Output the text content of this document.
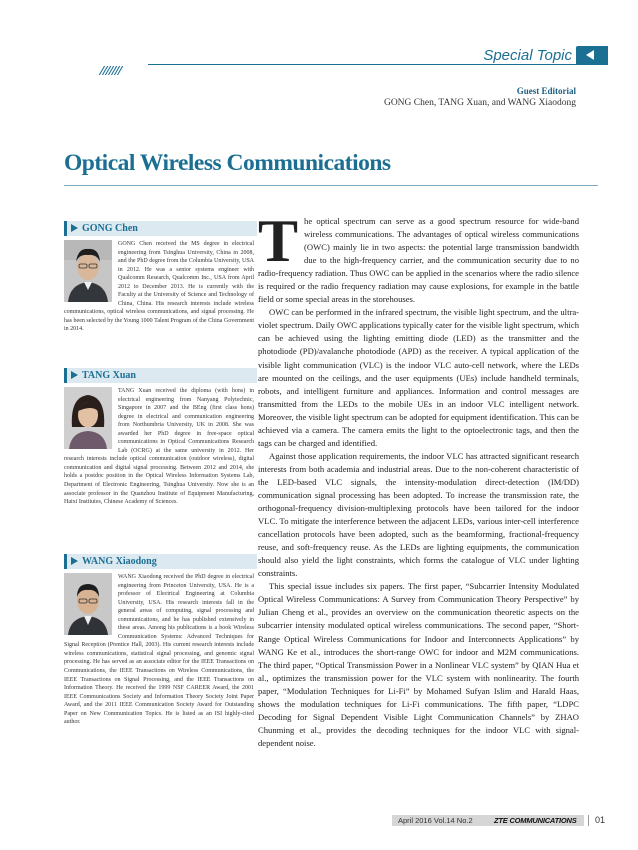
///////
Special Topic
Guest Editorial
GONG Chen, TANG Xuan, and WANG Xiaodong
Optical Wireless Communications
GONG Chen

GONG Chen received the MS degree in electrical engineering from Tsinghua University, China in 2008, and the PhD degree from the Columbia University, USA in 2012. He was a senior systems engineer with Qualcomm Research, Qualcomm Inc., USA from April 2012 to December 2013. He is currently with the Faculty at the University of Science and Technology of China, China. His research interests include wireless communications, optical wireless communications, and signal processing. He has been selected by the Young 1000 Talent Program of the China Government in 2014.

TANG Xuan

TANG Xuan received the diploma (with hons) in electrical engineering from Nanyang Polytechnic, Singapore in 2007 and the BEng (first class hons) degree in electrical and communication engineering from Northumbria University, UK in 2008. She was awarded her PhD degree in free-space optical communications in Optical Communications Research Lab (OCRG) at the same university in 2012. Her research interests include optical communication (outdoor wireless), digital communication and digital signal processing. Between 2012 and 2014, she holds a postdoc position in the Optical Wireless Information Systems Lab, Department of Electronic Engineering, Tsinghua University. Now she is an associate professor in the Quanzhou Institute of Equipment Manufacturing, Haixi Institutes, Chinese Academy of Sciences.

WANG Xiaodong

WANG Xiaodong received the PhD degree in electrical engineering from Princeton University, USA. He is a professor of Electrical Engineering at Columbia University, USA. His research interests fall in the general areas of computing, signal processing and communications, and he has published extensively in these areas. Among his publications is a book Wireless Communication Systems: Advanced Techniques for Signal Reception (Prentice Hall, 2003). His current research interests include wireless communications, statistical signal processing, and genomic signal processing. He has served as an associate editor for the IEEE Transactions on Communications, the IEEE Transactions on Wireless Communications, the IEEE Transactions on Signal Processing, and the IEEE Transactions on Information Theory. He received the 1999 NSF CAREER Award, the 2001 IEEE Communications Society and Information Theory Society Joint Paper Award, and the 2011 IEEE Communication Society Award for Outstanding Paper on New Communication Topics. He is listed as an ISI highly-cited author.

The optical spectrum can serve as a good spectrum resource for wide-band wireless communications. The advantages of optical wireless communications (OWC) mainly lie in two aspects: the potential large transmission bandwidth due to the high-frequency carrier, and the communication security due to no radio-frequency radiation. Thus OWC can be applied in the scenarios where the radio silence is required or the radio frequency radiation may cause explosions, for example in the battle field or some special areas in the storehouses.

OWC can be performed in the infrared spectrum, the visible light spectrum, and the ultra-violet spectrum. Daily OWC applications typically cater for the visible light spectrum, which can be achieved using the lighting emitting diode (LED) as the transmitter and the photodiode (PD)/avalanche photodiode (APD) as the receiver. A typical application of the visible light communication (VLC) is the indoor VLC auto-cell network, where the LEDs are mounted on the ceilings, and the user equipments (UEs) include handheld terminals, robots, and intelligent furniture and appliances. Information and control messages are transmitted from the LEDs to the mobile UEs in an indoor VLC intelligent network. Moreover, the visible light spectrum can be adopted for equipment identification. This can be achieved via a camera. The camera emits the light to the optoelectronic tags, and then the tags can be charged and identified.

Against those application requirements, the indoor VLC has attracted significant research interests from both academia and industrial areas. Due to the non-coherent characteristic of the LED-based VLC signals, the intensity-modulation direct-detection (IM/DD) communication signal processing has been adopted. To increase the transmission rate, the orthogonal-frequency division-multiplexing protocols have been tailored for the indoor VLC. To mitigate the interference between the adjacent LEDs, various inter-cell interference cancellation protocols have been adopted, such as the beamforming, fractional-frequency reuse, and soft-frequency reuse. As the LEDs are lighting equipments, the communication should also yield the light constraints, which forms the catalogue of VLC under lighting constraints.

This special issue includes six papers. The first paper, “Subcarrier Intensity Modulated Optical Wireless Communications: A Survey from Communication Theory Perspective” by Julian Cheng et al., provides an overview on the communication theoretic aspects on the subcarrier intensity modulated optical wireless communications. The second paper, “Short-Range Optical Wireless Communications for Indoor and Interconnects Applications” by WANG Ke et al., introduces the short-range OWC for indoor and M2M communications. The third paper, “Optical Transmission Power in a Nonlinear VLC system” by QIAN Hua et al., optimizes the transmission power for the VLC system with nonlinearity. The fourth paper, “Modulation Techniques for Li-Fi” by Mohamed Sufyan Islim and Harald Haas, shows the modulation techniques for Li-Fi communications. The fifth paper, “LDPC Decoding for Signal Dependent Visible Light Communication Channels” by ZHAO Chunming et al., provides the decoding techniques for the indoor VLC with signal-dependent noise.

April 2016 Vol.14 No.2	ZTE COMMUNICATIONS 01
